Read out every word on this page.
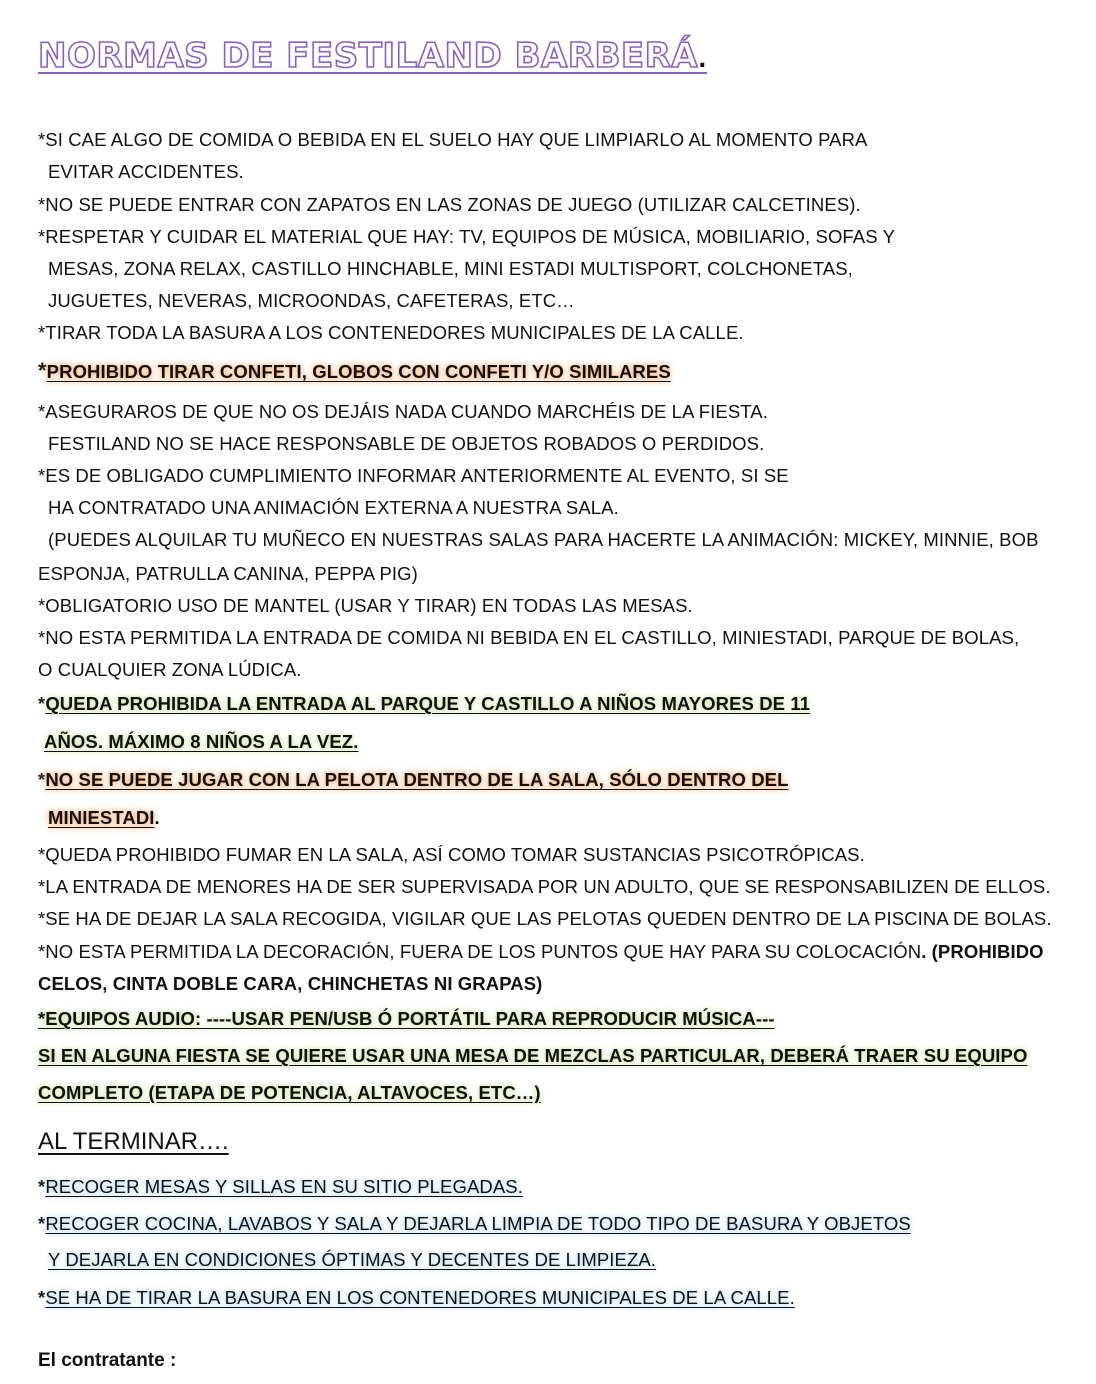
NORMAS DE FESTILAND BARBERÁ.
*SI CAE ALGO DE COMIDA O BEBIDA EN EL SUELO HAY QUE LIMPIARLO AL MOMENTO PARA
EVITAR ACCIDENTES.
*NO SE PUEDE ENTRAR CON ZAPATOS EN LAS ZONAS DE JUEGO (UTILIZAR CALCETINES).
*RESPETAR Y CUIDAR EL MATERIAL QUE HAY: TV, EQUIPOS DE MÚSICA, MOBILIARIO, SOFAS Y
MESAS, ZONA RELAX, CASTILLO HINCHABLE, MINI ESTADI MULTISPORT, COLCHONETAS,
JUGUETES, NEVERAS, MICROONDAS, CAFETERAS, ETC…
*TIRAR TODA LA BASURA A LOS CONTENEDORES MUNICIPALES DE LA CALLE.
*PROHIBIDO TIRAR CONFETI, GLOBOS CON CONFETI Y/O SIMILARES
*ASEGURAROS DE QUE NO OS DEJÁIS NADA CUANDO MARCHÉIS DE LA FIESTA.
FESTILAND NO SE HACE RESPONSABLE DE OBJETOS ROBADOS O PERDIDOS.
*ES DE OBLIGADO CUMPLIMIENTO INFORMAR ANTERIORMENTE AL EVENTO, SI SE
HA CONTRATADO UNA ANIMACIÓN EXTERNA A NUESTRA SALA.
(PUEDES ALQUILAR TU MUÑECO EN NUESTRAS SALAS PARA HACERTE LA ANIMACIÓN: MICKEY, MINNIE, BOB
ESPONJA, PATRULLA CANINA, PEPPA PIG)
*OBLIGATORIO USO DE MANTEL (USAR Y TIRAR) EN TODAS LAS MESAS.
*NO ESTA PERMITIDA LA ENTRADA DE COMIDA NI BEBIDA EN EL CASTILLO, MINIESTADI, PARQUE DE BOLAS,
O CUALQUIER ZONA LÚDICA.
*QUEDA PROHIBIDA LA ENTRADA AL PARQUE Y CASTILLO A NIÑOS MAYORES DE 11
AÑOS. MÁXIMO 8 NIÑOS A LA VEZ.
*NO SE PUEDE JUGAR CON LA PELOTA DENTRO DE LA SALA, SÓLO DENTRO DEL
MINIESTADI.
*QUEDA PROHIBIDO FUMAR EN LA SALA, ASÍ COMO TOMAR SUSTANCIAS PSICOTRÓPICAS.
*LA ENTRADA DE MENORES HA DE SER SUPERVISADA POR UN ADULTO, QUE SE RESPONSABILIZEN DE ELLOS.
*SE HA DE DEJAR LA SALA RECOGIDA, VIGILAR QUE LAS PELOTAS QUEDEN DENTRO DE LA PISCINA DE BOLAS.
*NO ESTA PERMITIDA LA DECORACIÓN, FUERA DE LOS PUNTOS QUE HAY PARA SU COLOCACIÓN. (PROHIBIDO
CELOS, CINTA DOBLE CARA, CHINCHETAS NI GRAPAS)
*EQUIPOS AUDIO: ----USAR PEN/USB Ó PORTÁTIL PARA REPRODUCIR MÚSICA---
SI EN ALGUNA FIESTA SE QUIERE USAR UNA MESA DE MEZCLAS PARTICULAR, DEBERÁ TRAER SU EQUIPO
COMPLETO (ETAPA DE POTENCIA, ALTAVOCES, ETC…)
AL TERMINAR….
*RECOGER MESAS Y SILLAS EN SU SITIO PLEGADAS.
*RECOGER COCINA, LAVABOS Y SALA Y DEJARLA LIMPIA DE TODO TIPO DE BASURA Y OBJETOS
Y DEJARLA EN CONDICIONES ÓPTIMAS Y DECENTES DE LIMPIEZA.
*SE HA DE TIRAR LA BASURA EN LOS CONTENEDORES MUNICIPALES DE LA CALLE.
El contratante :
